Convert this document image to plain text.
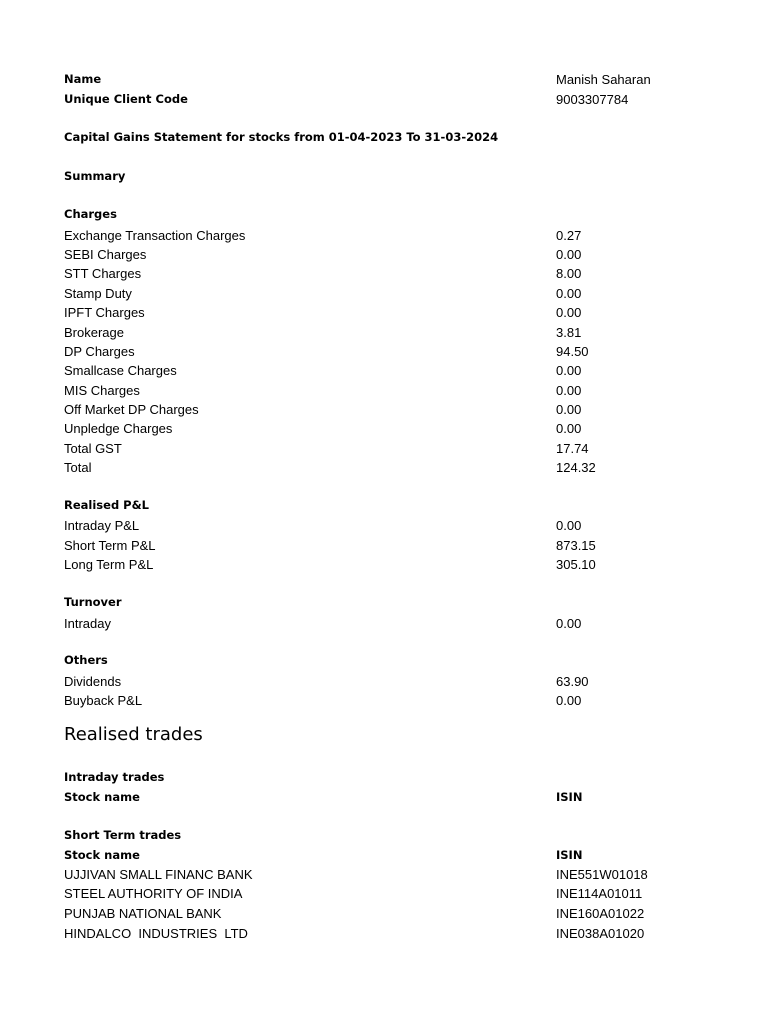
Name	Manish Saharan
Unique Client Code	9003307784
Capital Gains Statement for stocks from 01-04-2023 To 31-03-2024
Summary
Charges
Exchange Transaction Charges	0.27
SEBI Charges	0.00
STT Charges	8.00
Stamp Duty	0.00
IPFT Charges	0.00
Brokerage	3.81
DP Charges	94.50
Smallcase Charges	0.00
MIS Charges	0.00
Off Market DP Charges	0.00
Unpledge Charges	0.00
Total GST	17.74
Total	124.32
Realised P&L
Intraday P&L	0.00
Short Term P&L	873.15
Long Term P&L	305.10
Turnover
Intraday	0.00
Others
Dividends	63.90
Buyback P&L	0.00
Realised trades
Intraday trades
Stock name	ISIN
Short Term trades
Stock name	ISIN
UJJIVAN SMALL FINANC BANK	INE551W01018
STEEL AUTHORITY OF INDIA	INE114A01011
PUNJAB NATIONAL BANK	INE160A01022
HINDALCO  INDUSTRIES  LTD	INE038A01020
